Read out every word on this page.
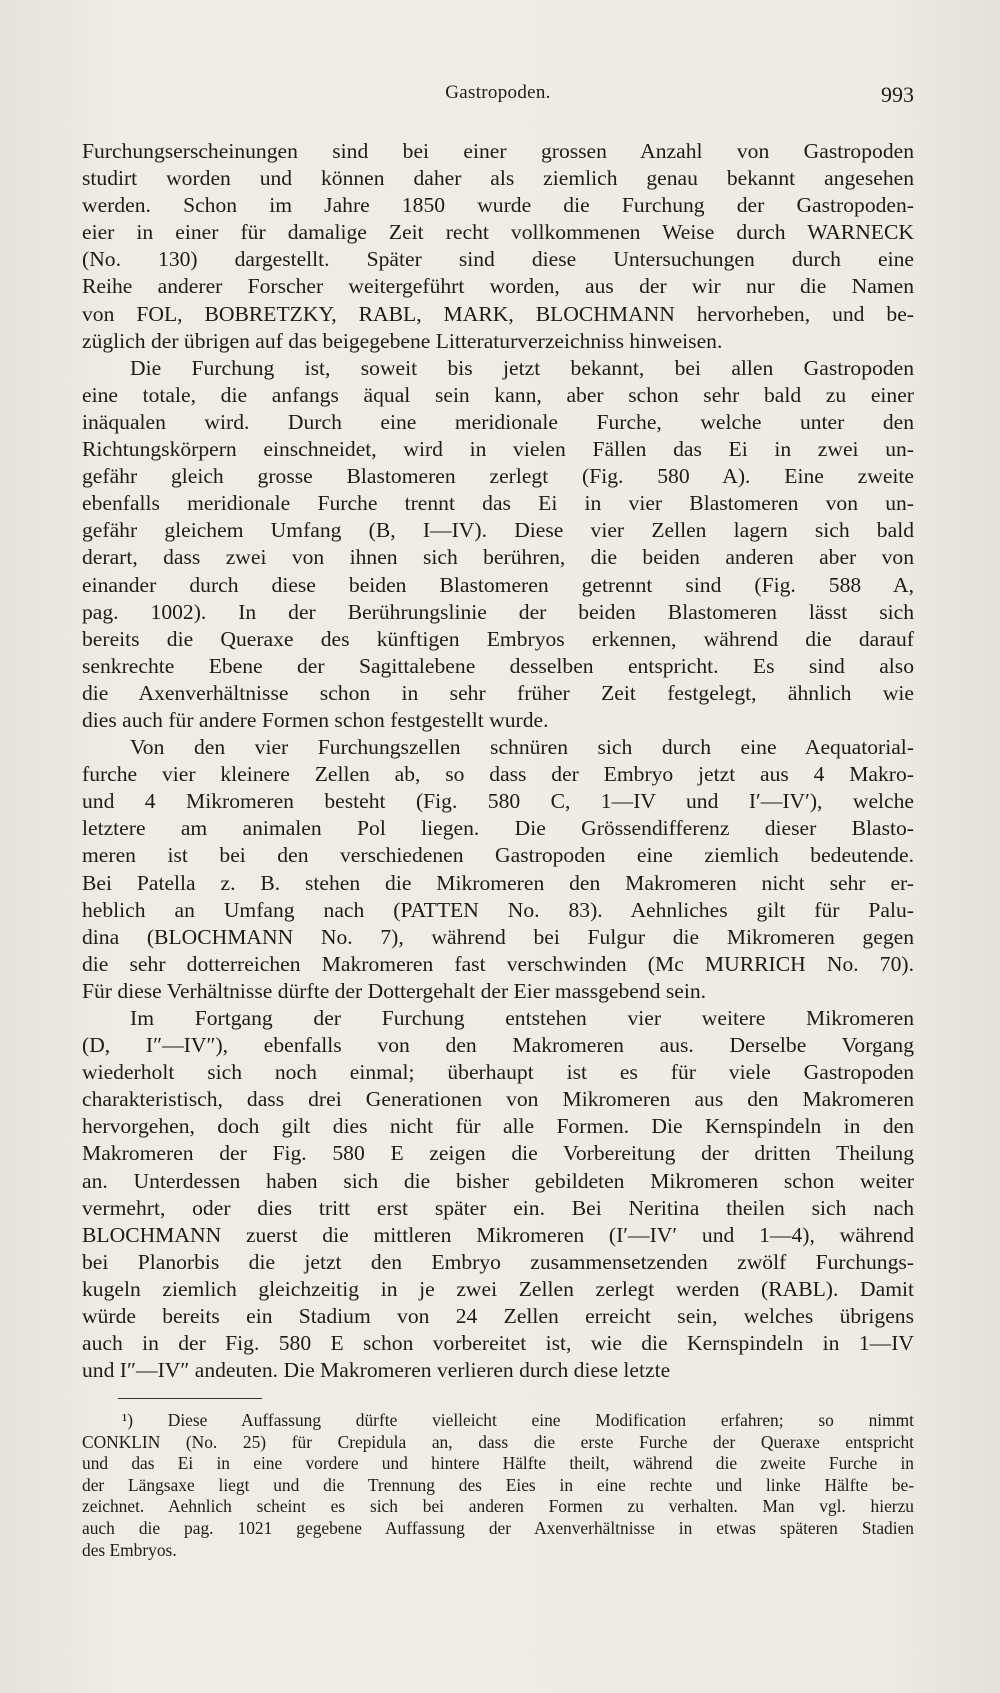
Gastropoden.	993
Furchungserscheinungen sind bei einer grossen Anzahl von Gastropoden
studirt worden und können daher als ziemlich genau bekannt angesehen
werden. Schon im Jahre 1850 wurde die Furchung der Gastropoden-
eier in einer für damalige Zeit recht vollkommenen Weise durch WARNECK
(No. 130) dargestellt. Später sind diese Untersuchungen durch eine
Reihe anderer Forscher weitergeführt worden, aus der wir nur die Namen
von FOL, BOBRETZKY, RABL, MARK, BLOCHMANN hervorheben, und be-
züglich der übrigen auf das beigegebene Litteraturverzeichniss hinweisen.
Die Furchung ist, soweit bis jetzt bekannt, bei allen Gastropoden
eine totale, die anfangs äqual sein kann, aber schon sehr bald zu einer
inäqualen wird. Durch eine meridionale Furche, welche unter den
Richtungskörpern einschneidet, wird in vielen Fällen das Ei in zwei un-
gefähr gleich grosse Blastomeren zerlegt (Fig. 580 A). Eine zweite
ebenfalls meridionale Furche trennt das Ei in vier Blastomeren von un-
gefähr gleichem Umfang (B, I—IV). Diese vier Zellen lagern sich bald
derart, dass zwei von ihnen sich berühren, die beiden anderen aber von
einander durch diese beiden Blastomeren getrennt sind (Fig. 588 A,
pag. 1002). In der Berührungslinie der beiden Blastomeren lässt sich
bereits die Queraxe des künftigen Embryos erkennen, während die darauf
senkrechte Ebene der Sagittalebene desselben entspricht. Es sind also
die Axenverhältnisse schon in sehr früher Zeit festgelegt, ähnlich wie
dies auch für andere Formen schon festgestellt wurde.
Von den vier Furchungszellen schnüren sich durch eine Aequatorial-
furche vier kleinere Zellen ab, so dass der Embryo jetzt aus 4 Makro-
und 4 Mikromeren besteht (Fig. 580 C, 1—IV und I′—IV′), welche
letztere am animalen Pol liegen. Die Grössendifferenz dieser Blasto-
meren ist bei den verschiedenen Gastropoden eine ziemlich bedeutende.
Bei Patella z. B. stehen die Mikromeren den Makromeren nicht sehr er-
heblich an Umfang nach (PATTEN No. 83). Aehnliches gilt für Palu-
dina (BLOCHMANN No. 7), während bei Fulgur die Mikromeren gegen
die sehr dotterreichen Makromeren fast verschwinden (Mc MURRICH No. 70).
Für diese Verhältnisse dürfte der Dottergehalt der Eier massgebend sein.
Im Fortgang der Furchung entstehen vier weitere Mikromeren
(D, I″—IV″), ebenfalls von den Makromeren aus. Derselbe Vorgang
wiederholt sich noch einmal; überhaupt ist es für viele Gastropoden
charakteristisch, dass drei Generationen von Mikromeren aus den Makromeren
hervorgehen, doch gilt dies nicht für alle Formen. Die Kernspindeln in den
Makromeren der Fig. 580 E zeigen die Vorbereitung der dritten Theilung
an. Unterdessen haben sich die bisher gebildeten Mikromeren schon weiter
vermehrt, oder dies tritt erst später ein. Bei Neritina theilen sich nach
BLOCHMANN zuerst die mittleren Mikromeren (I′—IV′ und 1—4), während
bei Planorbis die jetzt den Embryo zusammensetzenden zwölf Furchungs-
kugeln ziemlich gleichzeitig in je zwei Zellen zerlegt werden (RABL). Damit
würde bereits ein Stadium von 24 Zellen erreicht sein, welches übrigens
auch in der Fig. 580 E schon vorbereitet ist, wie die Kernspindeln in 1—IV
und I″—IV″ andeuten. Die Makromeren verlieren durch diese letzte
¹) Diese Auffassung dürfte vielleicht eine Modification erfahren; so nimmt
CONKLIN (No. 25) für Crepidula an, dass die erste Furche der Queraxe entspricht
und das Ei in eine vordere und hintere Hälfte theilt, während die zweite Furche in
der Längsaxe liegt und die Trennung des Eies in eine rechte und linke Hälfte be-
zeichnet. Aehnlich scheint es sich bei anderen Formen zu verhalten. Man vgl. hierzu
auch die pag. 1021 gegebene Auffassung der Axenverhältnisse in etwas späteren Stadien
des Embryos.
